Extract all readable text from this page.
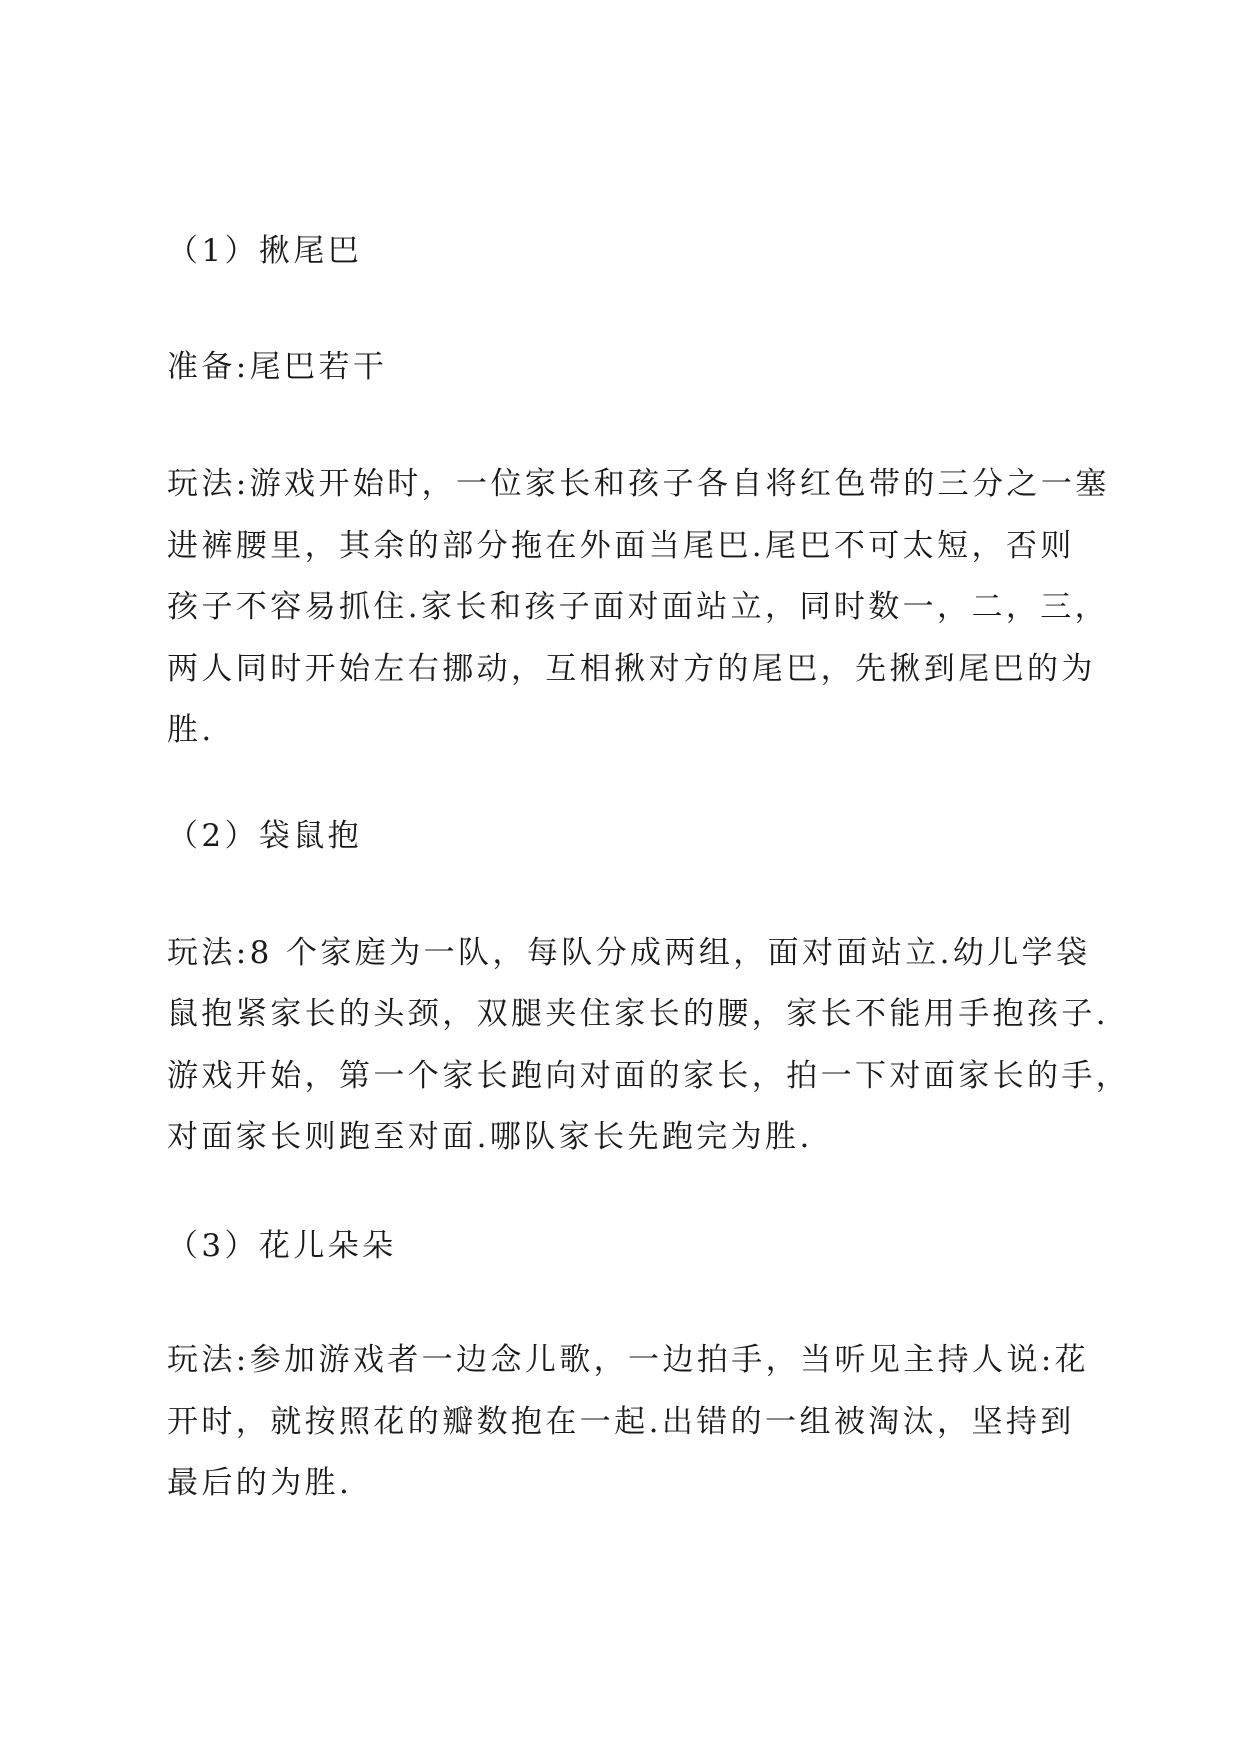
（1）揪尾巴

准备:尾巴若干

玩法:游戏开始时，一位家长和孩子各自将红色带的三分之一塞

进裤腰里，其余的部分拖在外面当尾巴.尾巴不可太短，否则

孩子不容易抓住.家长和孩子面对面站立，同时数一，二，三，

两人同时开始左右挪动，互相揪对方的尾巴，先揪到尾巴的为

胜.

（2）袋鼠抱

玩法:8 个家庭为一队，每队分成两组，面对面站立.幼儿学袋

鼠抱紧家长的头颈，双腿夹住家长的腰，家长不能用手抱孩子.

游戏开始，第一个家长跑向对面的家长，拍一下对面家长的手，

对面家长则跑至对面.哪队家长先跑完为胜.

（3）花儿朵朵

玩法:参加游戏者一边念儿歌，一边拍手，当听见主持人说:花

开时，就按照花的瓣数抱在一起.出错的一组被淘汰，坚持到

最后的为胜.
